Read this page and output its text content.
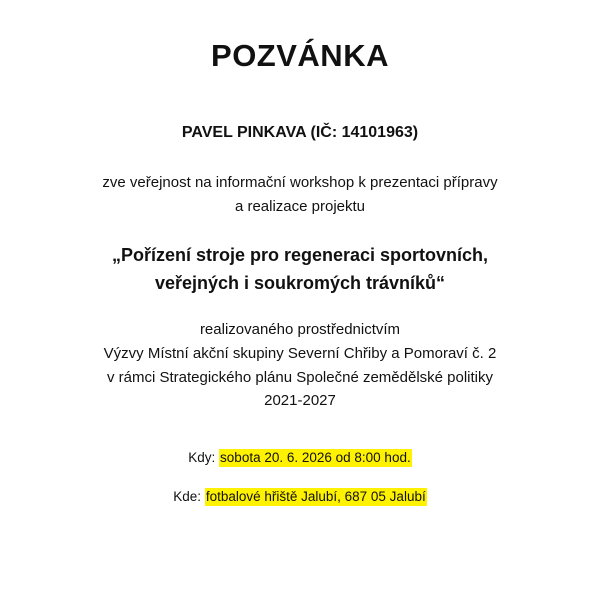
POZVÁNKA
PAVEL PINKAVA (IČ: 14101963)
zve veřejnost na informační workshop k prezentaci přípravy
a realizace projektu
„Pořízení stroje pro regeneraci sportovních,
veřejných i soukromých trávníků“
realizovaného prostřednictvím
Výzvy Místní akční skupiny Severní Chřiby a Pomoraví č. 2
v rámci Strategického plánu Společné zemědělské politiky
2021-2027
Kdy: sobota 20. 6. 2026 od 8:00 hod.
Kde: fotbalové hřiště Jalubí, 687 05 Jalubí
